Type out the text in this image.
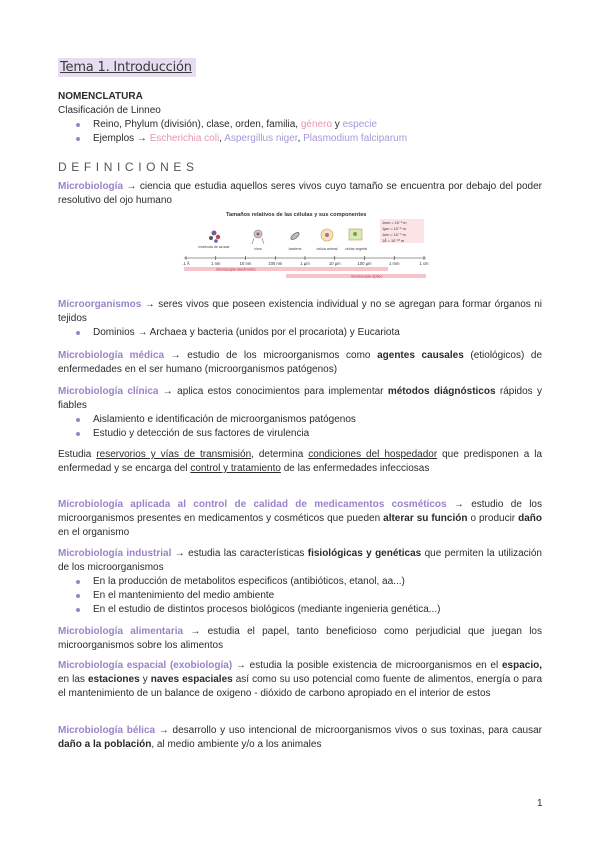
Tema 1. Introducción
NOMENCLATURA
Clasificación de Linneo
Reino, Phylum (división), clase, orden, familia, género y especie
Ejemplos → Escherichia coli, Aspergillus niger, Plasmodium falciparum
DEFINICIONES
Microbiología → ciencia que estudia aquellos seres vivos cuyo tamaño se encuentra por debajo del poder resolutivo del ojo humano
Tamaños relativos de las células y sus componentes
molécula de azúcar	virus	bacteria	célula animal célula vegetal
1mm = 10⁻³ m
1µm = 10⁻⁶ m
1nm = 10⁻⁹ m
1Å = 10⁻¹⁰ m
.1 Å	1 nm	10 nm	100 nm	1 µm	10 µm	100 µm	1 mm	1 cm
microscopio electrónico
microscopio óptico
Microorganismos → seres vivos que poseen existencia individual y no se agregan para formar órganos ni tejidos
Dominios → Archaea y bacteria (unidos por el procariota) y Eucariota
Microbiología médica → estudio de los microorganismos como agentes causales (etiológicos) de enfermedades en el ser humano (microorganismos patógenos)
Microbiología clínica → aplica estos conocimientos para implementar métodos diágnósticos rápidos y fiables
Aislamiento e identificación de microorganismos patógenos
Estudio y detección de sus factores de virulencia
Estudia reservorios y vías de transmisión, determina condiciones del hospedador que predisponen a la enfermedad y se encarga del control y tratamiento de las enfermedades infecciosas
Microbiología aplicada al control de calidad de medicamentos cosméticos → estudio de los microorganismos presentes en medicamentos y cosméticos que pueden alterar su función o producir daño en el organismo
Microbiología industrial → estudia las características fisiológicas y genéticas que permiten la utilización de los microorganismos
En la producción de metabolitos especificos (antibióticos, etanol, aa...)
En el mantenimiento del medio ambiente
En el estudio de distintos procesos biológicos (mediante ingenieria genética...)
Microbiología alimentaria → estudia el papel, tanto beneficioso como perjudicial que juegan los microorganismos sobre los alimentos
Microbiología espacial (exobiología) → estudia la posible existencia de microorganismos en el espacio, en las estaciones y naves espaciales así como su uso potencial como fuente de alimentos, energía o para el mantenimiento de un balance de oxigeno - dióxido de carbono apropiado en el interior de estos
Microbiología bélica → desarrollo y uso intencional de microorganismos vivos o sus toxinas, para causar daño a la población, al medio ambiente y/o a los animales
1
